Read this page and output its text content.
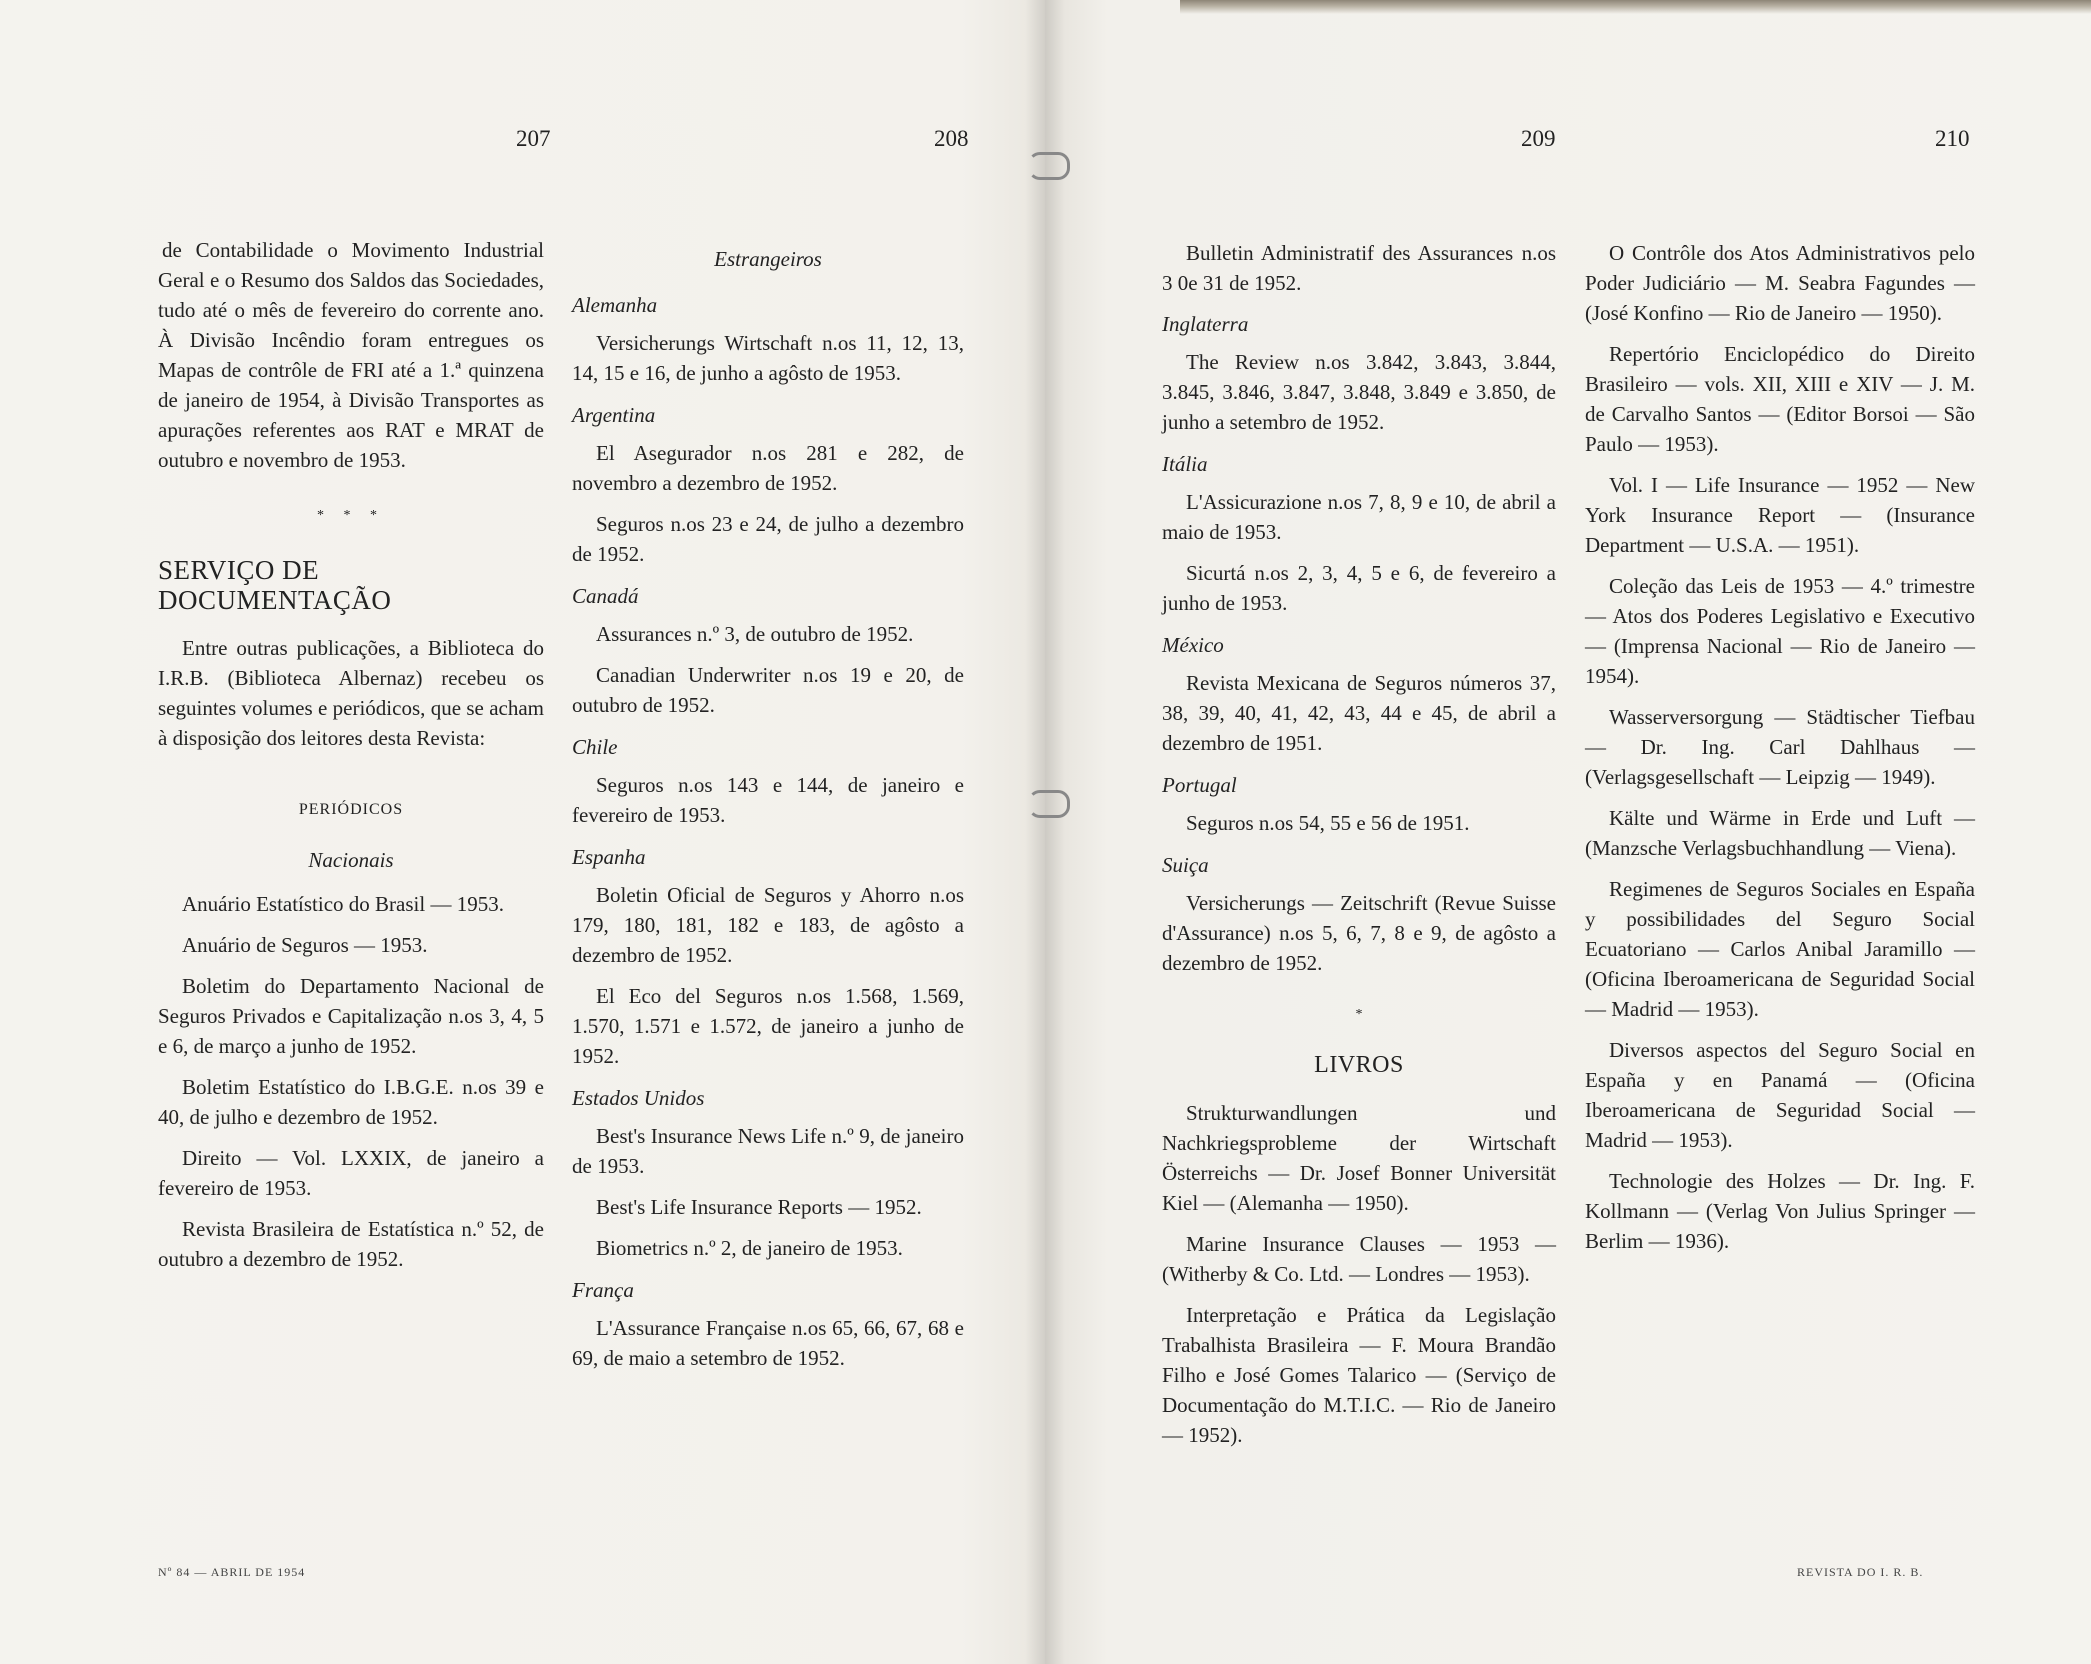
207	208	209	210

de Contabilidade o Movimento Industrial Geral e o Resumo dos Saldos das Sociedades, tudo até o mês de fevereiro do corrente ano. À Divisão Incêndio foram entregues os Mapas de contrôle de FRI até a 1.ª quinzena de janeiro de 1954, à Divisão Transportes as apurações referentes aos RAT e MRAT de outubro e novembro de 1953.

* * *

SERVIÇO DE DOCUMENTAÇÃO

Entre outras publicações, a Biblioteca do I.R.B. (Biblioteca Albernaz) recebeu os seguintes volumes e periódicos, que se acham à disposição dos leitores desta Revista:

PERIÓDICOS
Nacionais

Anuário Estatístico do Brasil — 1953.

Anuário de Seguros — 1953.

Boletim do Departamento Nacional de Seguros Privados e Capitalização n.os 3, 4, 5 e 6, de março a junho de 1952.

Boletim Estatístico do I.B.G.E. n.os 39 e 40, de julho e dezembro de 1952.

Direito — Vol. LXXIX, de janeiro a fevereiro de 1953.

Revista Brasileira de Estatística n.º 52, de outubro a dezembro de 1952.

Estrangeiros
Alemanha

Versicherungs Wirtschaft n.os 11, 12, 13, 14, 15 e 16, de junho a agôsto de 1953.

Argentina

El Asegurador n.os 281 e 282, de novembro a dezembro de 1952.

Seguros n.os 23 e 24, de julho a dezembro de 1952.

Canadá

Assurances n.º 3, de outubro de 1952.

Canadian Underwriter n.os 19 e 20, de outubro de 1952.

Chile

Seguros n.os 143 e 144, de janeiro e fevereiro de 1953.

Espanha

Boletin Oficial de Seguros y Ahorro n.os 179, 180, 181, 182 e 183, de agôsto a dezembro de 1952.

El Eco del Seguros n.os 1.568, 1.569, 1.570, 1.571 e 1.572, de janeiro a junho de 1952.

Estados Unidos

Best's Insurance News Life n.º 9, de janeiro de 1953.

Best's Life Insurance Reports — 1952.

Biometrics n.º 2, de janeiro de 1953.

França

L'Assurance Française n.os 65, 66, 67, 68 e 69, de maio a setembro de 1952.

Bulletin Administratif des Assurances n.os 3 0e 31 de 1952.

Inglaterra

The Review n.os 3.842, 3.843, 3.844, 3.845, 3.846, 3.847, 3.848, 3.849 e 3.850, de junho a setembro de 1952.

Itália

L'Assicurazione n.os 7, 8, 9 e 10, de abril a maio de 1953.

Sicurtá n.os 2, 3, 4, 5 e 6, de fevereiro a junho de 1953.

México

Revista Mexicana de Seguros números 37, 38, 39, 40, 41, 42, 43, 44 e 45, de abril a dezembro de 1951.

Portugal

Seguros n.os 54, 55 e 56 de 1951.

Suiça

Versicherungs — Zeitschrift (Revue Suisse d'Assurance) n.os 5, 6, 7, 8 e 9, de agôsto a dezembro de 1952.

*
LIVROS

Strukturwandlungen und Nachkriegsprobleme der Wirtschaft Österreichs — Dr. Josef Bonner Universität Kiel — (Alemanha — 1950).

Marine Insurance Clauses — 1953 — (Witherby & Co. Ltd. — Londres — 1953).

Interpretação e Prática da Legislação Trabalhista Brasileira — F. Moura Brandão Filho e José Gomes Talarico — (Serviço de Documentação do M.T.I.C. — Rio de Janeiro — 1952).

O Contrôle dos Atos Administrativos pelo Poder Judiciário — M. Seabra Fagundes — (José Konfino — Rio de Janeiro — 1950).

Repertório Enciclopédico do Direito Brasileiro — vols. XII, XIII e XIV — J. M. de Carvalho Santos — (Editor Borsoi — São Paulo — 1953).

Vol. I — Life Insurance — 1952 — New York Insurance Report — (Insurance Department — U.S.A. — 1951).

Coleção das Leis de 1953 — 4.º trimestre — Atos dos Poderes Legislativo e Executivo — (Imprensa Nacional — Rio de Janeiro — 1954).

Wasserversorgung — Städtischer Tiefbau — Dr. Ing. Carl Dahlhaus — (Verlagsgesellschaft — Leipzig — 1949).

Kälte und Wärme in Erde und Luft — (Manzsche Verlagsbuchhandlung — Viena).

Regimenes de Seguros Sociales en España y possibilidades del Seguro Social Ecuatoriano — Carlos Anibal Jaramillo — (Oficina Iberoamericana de Seguridad Social — Madrid — 1953).

Diversos aspectos del Seguro Social en España y en Panamá — (Oficina Iberoamericana de Seguridad Social — Madrid — 1953).

Technologie des Holzes — Dr. Ing. F. Kollmann — (Verlag Von Julius Springer — Berlim — 1936).

Nº 84 — ABRIL DE 1954	REVISTA DO I. R. B.
